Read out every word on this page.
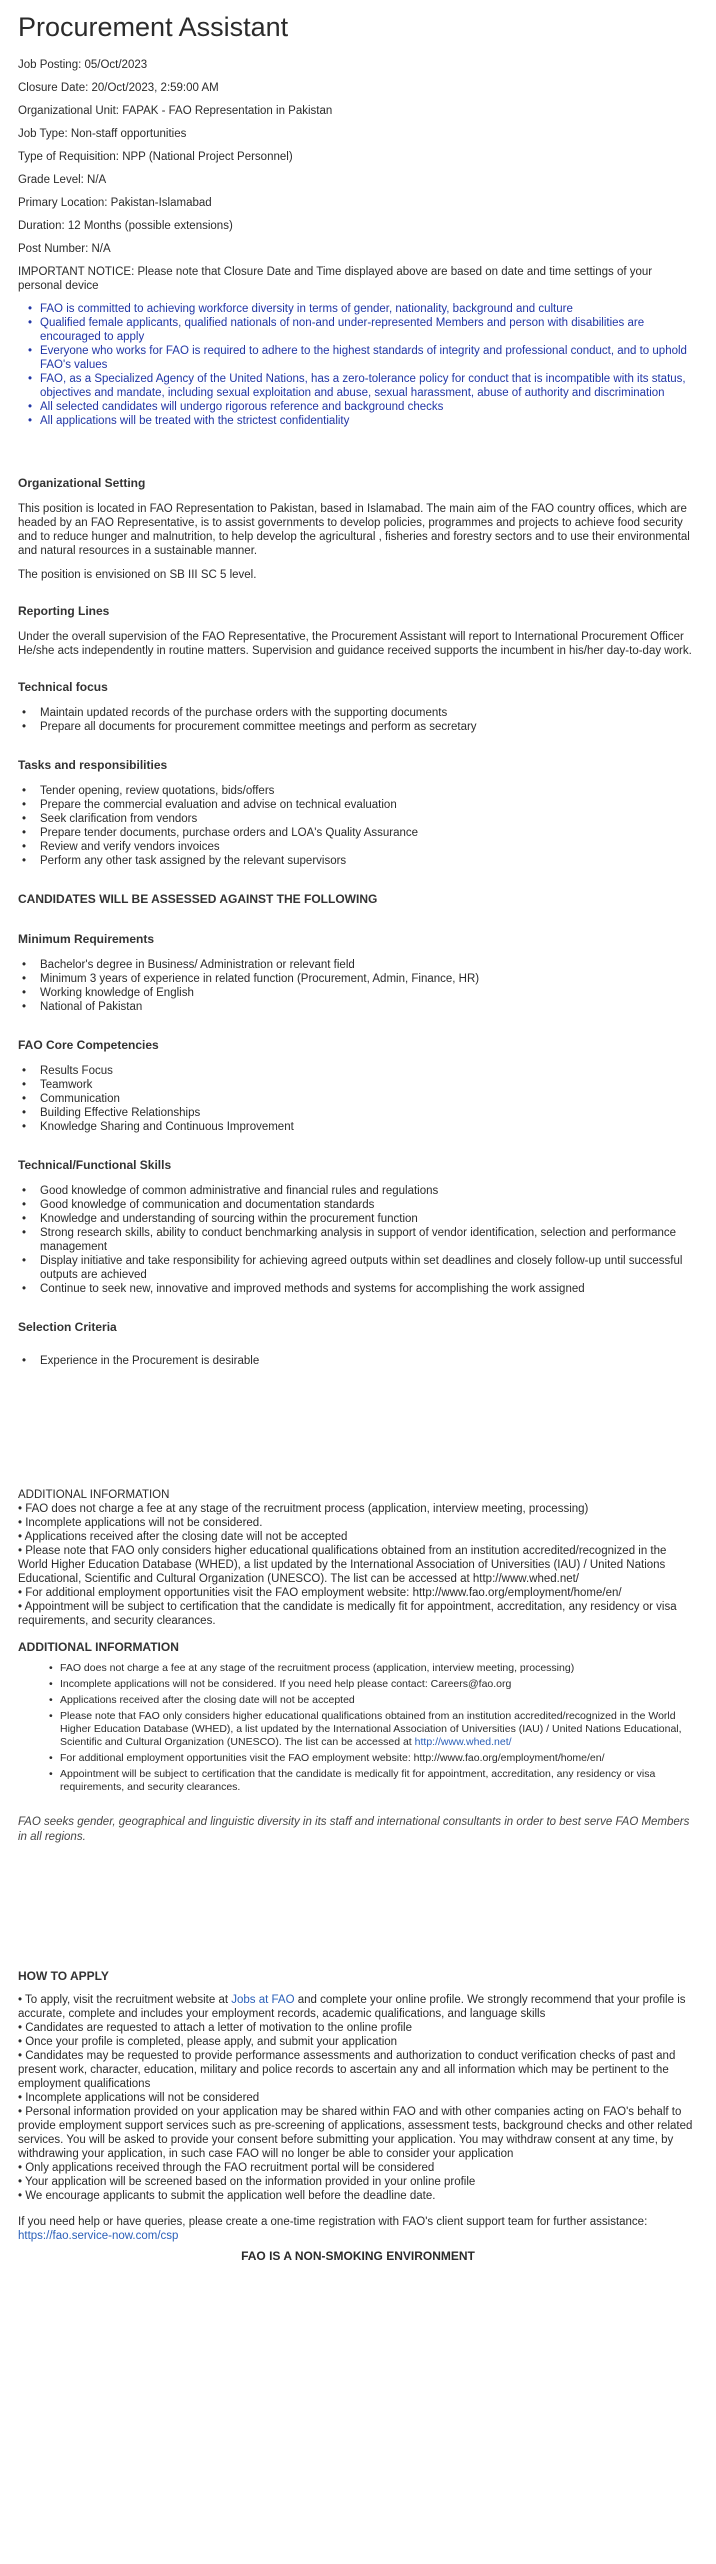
Procurement Assistant

Job Posting: 05/Oct/2023

Closure Date: 20/Oct/2023, 2:59:00 AM

Organizational Unit: FAPAK - FAO Representation in Pakistan

Job Type: Non-staff opportunities

Type of Requisition: NPP (National Project Personnel)

Grade Level: N/A

Primary Location: Pakistan-Islamabad

Duration: 12 Months (possible extensions)

Post Number: N/A

IMPORTANT NOTICE: Please note that Closure Date and Time displayed above are based on date and time settings of your personal device

• FAO is committed to achieving workforce diversity in terms of gender, nationality, background and culture
• Qualified female applicants, qualified nationals of non-and under-represented Members and person with disabilities are encouraged to apply
• Everyone who works for FAO is required to adhere to the highest standards of integrity and professional conduct, and to uphold FAO's values
• FAO, as a Specialized Agency of the United Nations, has a zero-tolerance policy for conduct that is incompatible with its status, objectives and mandate, including sexual exploitation and abuse, sexual harassment, abuse of authority and discrimination
• All selected candidates will undergo rigorous reference and background checks
• All applications will be treated with the strictest confidentiality
Organizational Setting

This position is located in FAO Representation to Pakistan, based in Islamabad. The main aim of the FAO country offices, which are headed by an FAO Representative, is to assist governments to develop policies, programmes and projects to achieve food security and to reduce hunger and malnutrition, to help develop the agricultural , fisheries and forestry sectors and to use their environmental and natural resources in a sustainable manner.

The position is envisioned on SB III SC 5 level.

Reporting Lines

Under the overall supervision of the FAO Representative, the Procurement Assistant will report to International Procurement Officer He/she acts independently in routine matters. Supervision and guidance received supports the incumbent in his/her day-to-day work.

Technical focus
• Maintain updated records of the purchase orders with the supporting documents
• Prepare all documents for procurement committee meetings and perform as secretary
Tasks and responsibilities
• Tender opening, review quotations, bids/offers
• Prepare the commercial evaluation and advise on technical evaluation
• Seek clarification from vendors
• Prepare tender documents, purchase orders and LOA's Quality Assurance
• Review and verify vendors invoices
• Perform any other task assigned by the relevant supervisors
CANDIDATES WILL BE ASSESSED AGAINST THE FOLLOWING
Minimum Requirements
• Bachelor's degree in Business/ Administration or relevant field
• Minimum 3 years of experience in related function (Procurement, Admin, Finance, HR)
• Working knowledge of English
• National of Pakistan
FAO Core Competencies
• Results Focus
• Teamwork
• Communication
• Building Effective Relationships
• Knowledge Sharing and Continuous Improvement
Technical/Functional Skills
• Good knowledge of common administrative and financial rules and regulations
• Good knowledge of communication and documentation standards
• Knowledge and understanding of sourcing within the procurement function
• Strong research skills, ability to conduct benchmarking analysis in support of vendor identification, selection and performance management
• Display initiative and take responsibility for achieving agreed outputs within set deadlines and closely follow-up until successful outputs are achieved
• Continue to seek new, innovative and improved methods and systems for accomplishing the work assigned
Selection Criteria
• Experience in the Procurement is desirable

ADDITIONAL INFORMATION

• FAO does not charge a fee at any stage of the recruitment process (application, interview meeting, processing)

• Incomplete applications will not be considered.

• Applications received after the closing date will not be accepted

• Please note that FAO only considers higher educational qualifications obtained from an institution accredited/recognized in the World Higher Education Database (WHED), a list updated by the International Association of Universities (IAU) / United Nations Educational, Scientific and Cultural Organization (UNESCO). The list can be accessed at http://www.whed.net/

• For additional employment opportunities visit the FAO employment website: http://www.fao.org/employment/home/en/

• Appointment will be subject to certification that the candidate is medically fit for appointment, accreditation, any residency or visa requirements, and security clearances.

ADDITIONAL INFORMATION
• FAO does not charge a fee at any stage of the recruitment process (application, interview meeting, processing)
• Incomplete applications will not be considered. If you need help please contact: Careers@fao.org
• Applications received after the closing date will not be accepted
• Please note that FAO only considers higher educational qualifications obtained from an institution accredited/recognized in the World Higher Education Database (WHED), a list updated by the International Association of Universities (IAU) / United Nations Educational, Scientific and Cultural Organization (UNESCO). The list can be accessed at http://www.whed.net/
• For additional employment opportunities visit the FAO employment website: http://www.fao.org/employment/home/en/
• Appointment will be subject to certification that the candidate is medically fit for appointment, accreditation, any residency or visa requirements, and security clearances.

FAO seeks gender, geographical and linguistic diversity in its staff and international consultants in order to best serve FAO Members in all regions.

HOW TO APPLY

• To apply, visit the recruitment website at Jobs at FAO and complete your online profile. We strongly recommend that your profile is accurate, complete and includes your employment records, academic qualifications, and language skills

• Candidates are requested to attach a letter of motivation to the online profile

• Once your profile is completed, please apply, and submit your application

• Candidates may be requested to provide performance assessments and authorization to conduct verification checks of past and present work, character, education, military and police records to ascertain any and all information which may be pertinent to the employment qualifications

• Incomplete applications will not be considered

• Personal information provided on your application may be shared within FAO and with other companies acting on FAO's behalf to provide employment support services such as pre-screening of applications, assessment tests, background checks and other related services. You will be asked to provide your consent before submitting your application. You may withdraw consent at any time, by withdrawing your application, in such case FAO will no longer be able to consider your application

• Only applications received through the FAO recruitment portal will be considered

• Your application will be screened based on the information provided in your online profile

• We encourage applicants to submit the application well before the deadline date.

If you need help or have queries, please create a one-time registration with FAO's client support team for further assistance: https://fao.service-now.com/csp

FAO IS A NON-SMOKING ENVIRONMENT
